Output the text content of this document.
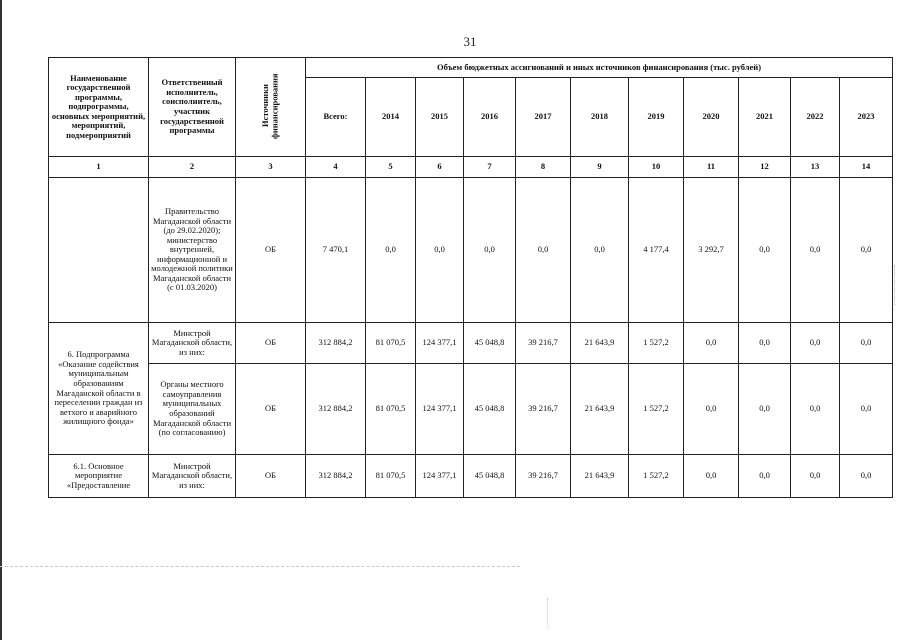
31
Наименование государственной программы, подпрограммы, основных мероприятий, мероприятий, подмероприятий	Ответственный исполнитель, соисполнитель, участник государственной программы	Источники финансирования	Объем бюджетных ассигнований и иных источников финансирования (тыс. рублей)										
			Всего:	2014	2015	2016	2017	2018	2019	2020	2021	2022	2023
1	2	3	4	5	6	7	8	9	10	11	12	13	14
	Правительство Магаданской области (до 29.02.2020); министерство внутренней, информационной и молодежной политики Магаданской области (с 01.03.2020)	ОБ	7 470,1	0,0	0,0	0,0	0,0	0,0	4 177,4	3 292,7	0,0	0,0	0,0
6. Подпрограмма «Оказание содействия муниципальным образованиям Магаданской области в переселении граждан из ветхого и аварийного жилищного фонда»	Минстрой Магаданской области, из них:	ОБ	312 884,2	81 070,5	124 377,1	45 048,8	39 216,7	21 643,9	1 527,2	0,0	0,0	0,0	0,0
	Органы местного самоуправления муниципальных образований Магаданской области (по согласованию)	ОБ	312 884,2	81 070,5	124 377,1	45 048,8	39 216,7	21 643,9	1 527,2	0,0	0,0	0,0	0,0
6.1. Основное мероприятие «Предоставление	Минстрой Магаданской области, из них:	ОБ	312 884,2	81 070,5	124 377,1	45 048,8	39 216,7	21 643,9	1 527,2	0,0	0,0	0,0	0,0
